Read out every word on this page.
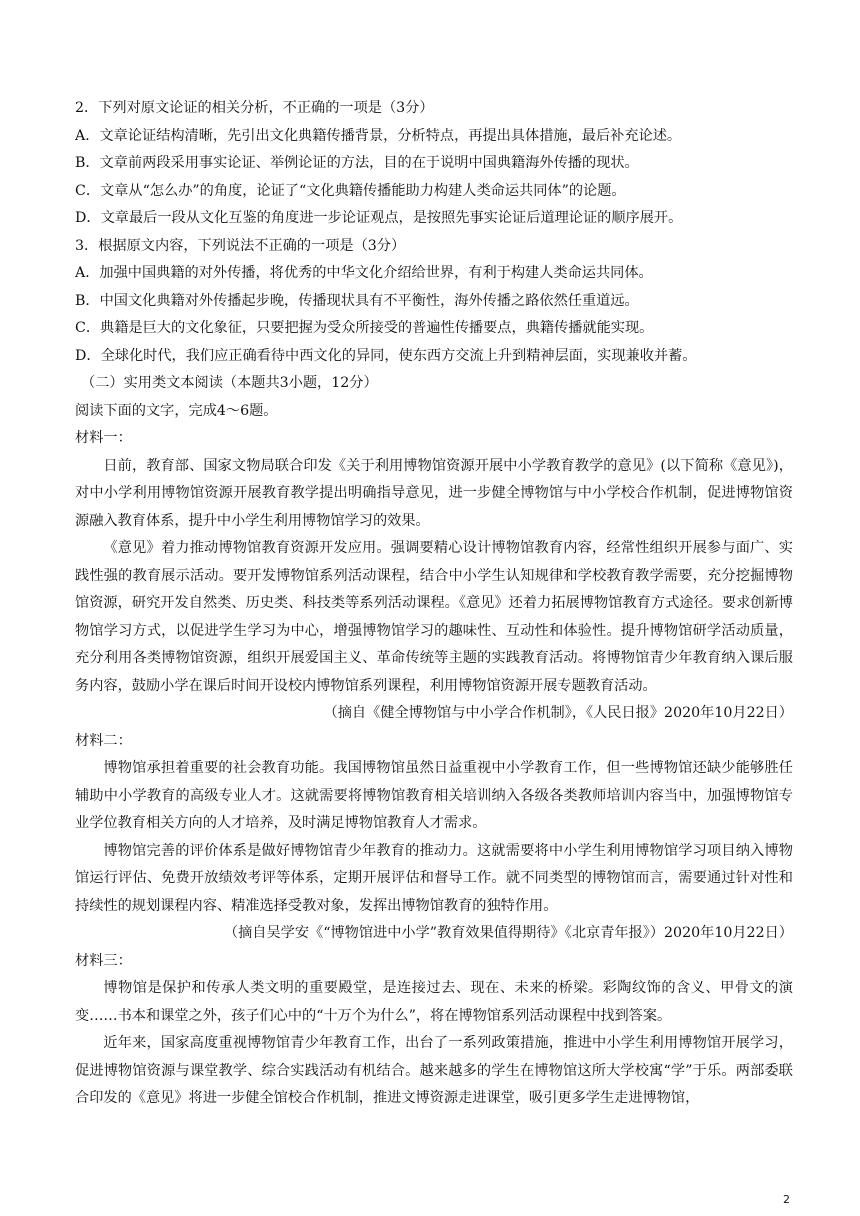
2．下列对原文论证的相关分析，不正确的一项是（3分）
A．文章论证结构清晰，先引出文化典籍传播背景，分析特点，再提出具体措施，最后补充论述。
B．文章前两段采用事实论证、举例论证的方法，目的在于说明中国典籍海外传播的现状。
C．文章从“怎么办”的角度，论证了“文化典籍传播能助力构建人类命运共同体”的论题。
D．文章最后一段从文化互鉴的角度进一步论证观点，是按照先事实论证后道理论证的顺序展开。
3．根据原文内容，下列说法不正确的一项是（3分）
A．加强中国典籍的对外传播，将优秀的中华文化介绍给世界，有利于构建人类命运共同体。
B．中国文化典籍对外传播起步晚，传播现状具有不平衡性，海外传播之路依然任重道远。
C．典籍是巨大的文化象征，只要把握为受众所接受的普遍性传播要点，典籍传播就能实现。
D．全球化时代，我们应正确看待中西文化的异同，使东西方交流上升到精神层面，实现兼收并蓄。
（二）实用类文本阅读（本题共3小题，12分）
阅读下面的文字，完成4～6题。
材料一：
日前，教育部、国家文物局联合印发《关于利用博物馆资源开展中小学教育教学的意见》(以下简称《意见》)，对中小学利用博物馆资源开展教育教学提出明确指导意见，进一步健全博物馆与中小学校合作机制，促进博物馆资源融入教育体系，提升中小学生利用博物馆学习的效果。
《意见》着力推动博物馆教育资源开发应用。强调要精心设计博物馆教育内容，经常性组织开展参与面广、实践性强的教育展示活动。要开发博物馆系列活动课程，结合中小学生认知规律和学校教育教学需要，充分挖掘博物馆资源，研究开发自然类、历史类、科技类等系列活动课程。《意见》还着力拓展博物馆教育方式途径。要求创新博物馆学习方式，以促进学生学习为中心，增强博物馆学习的趣味性、互动性和体验性。提升博物馆研学活动质量，充分利用各类博物馆资源，组织开展爱国主义、革命传统等主题的实践教育活动。将博物馆青少年教育纳入课后服务内容，鼓励小学在课后时间开设校内博物馆系列课程，利用博物馆资源开展专题教育活动。
（摘自《健全博物馆与中小学合作机制》，《人民日报》2020年10月22日）
材料二：
博物馆承担着重要的社会教育功能。我国博物馆虽然日益重视中小学教育工作，但一些博物馆还缺少能够胜任辅助中小学教育的高级专业人才。这就需要将博物馆教育相关培训纳入各级各类教师培训内容当中，加强博物馆专业学位教育相关方向的人才培养，及时满足博物馆教育人才需求。
博物馆完善的评价体系是做好博物馆青少年教育的推动力。这就需要将中小学生利用博物馆学习项目纳入博物馆运行评估、免费开放绩效考评等体系，定期开展评估和督导工作。就不同类型的博物馆而言，需要通过针对性和持续性的规划课程内容、精准选择受教对象，发挥出博物馆教育的独特作用。
（摘自吴学安《“博物馆进中小学”教育效果值得期待》《北京青年报》）2020年10月22日）
材料三：
博物馆是保护和传承人类文明的重要殿堂，是连接过去、现在、未来的桥梁。彩陶纹饰的含义、甲骨文的演变……书本和课堂之外，孩子们心中的“十万个为什么”，将在博物馆系列活动课程中找到答案。
近年来，国家高度重视博物馆青少年教育工作，出台了一系列政策措施，推进中小学生利用博物馆开展学习，促进博物馆资源与课堂教学、综合实践活动有机结合。越来越多的学生在博物馆这所大学校寓“学”于乐。两部委联合印发的《意见》将进一步健全馆校合作机制，推进文博资源走进课堂，吸引更多学生走进博物馆，
2
